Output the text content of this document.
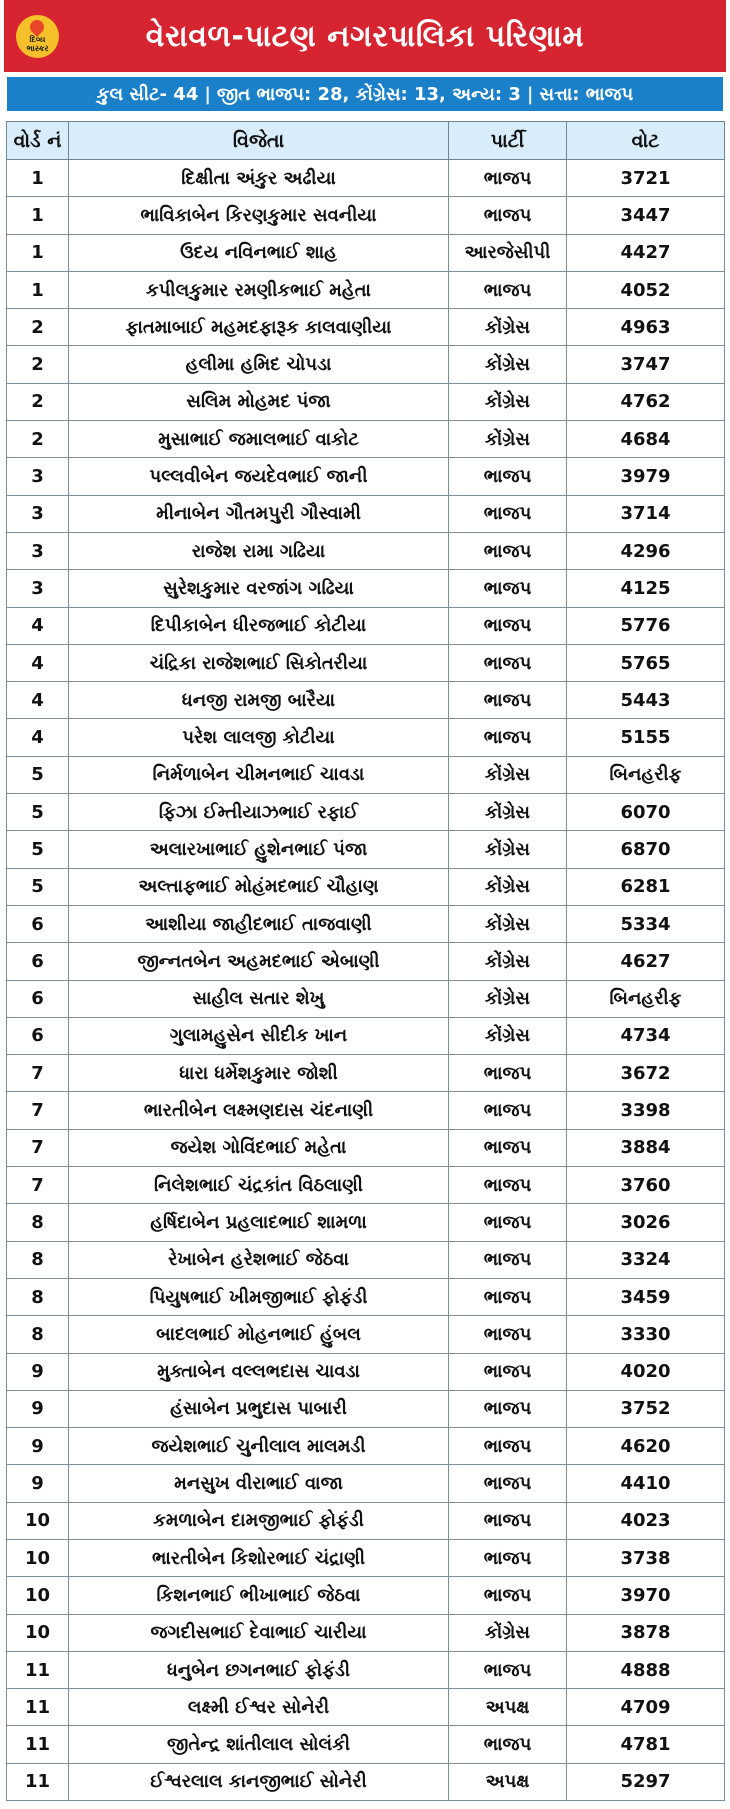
દિવ્ય
ભાસ્કર	વેરાવળ-પાટણ નગરપાલિકા પરિણામ
કુલ સીટ- 44 | જીત ભાજપ: 28, કોંગ્રેસ: 13, અન્ય: 3 | સત્તા: ભાજપ
વોર્ડ નં	વિજેતા	પાર્ટી	વોટ
1	દિક્ષીતા અંકુર અઢીયા	ભાજપ	3721
1	ભાવિકાબેન કિરણકુમાર સવનીયા	ભાજપ	3447
1	ઉદય નવિનભાઈ શાહ	આરજેસીપી	4427
1	કપીલકુમાર રમણીકભાઈ મહેતા	ભાજપ	4052
2	ફાતમાબાઈ મહમદફારૂક કાલવાણીયા	કોંગ્રેસ	4963
2	હલીમા હમિદ ચોપડા	કોંગ્રેસ	3747
2	સલિમ મોહમદ પંજા	કોંગ્રેસ	4762
2	મુસાભાઈ જમાલભાઈ વાકોટ	કોંગ્રેસ	4684
3	પલ્લવીબેન જયદેવભાઈ જાની	ભાજપ	3979
3	મીનાબેન ગૌતમપુરી ગૌસ્વામી	ભાજપ	3714
3	રાજેશ રામા ગઢિયા	ભાજપ	4296
3	સુરેશકુમાર વરજાંગ ગઢિયા	ભાજપ	4125
4	દિપીકાબેન ધીરજભાઈ કોટીયા	ભાજપ	5776
4	ચંદ્રિકા રાજેશભાઈ સિકોતરીયા	ભાજપ	5765
4	ધનજી રામજી બારૈયા	ભાજપ	5443
4	પરેશ લાલજી કોટીયા	ભાજપ	5155
5	નિર્મળાબેન ચીમનભાઈ ચાવડા	કોંગ્રેસ	બિનહરીફ
5	ફિઝા ઈમ્તીયાઝભાઈ રફાઈ	કોંગ્રેસ	6070
5	અલારખાભાઈ હુશેનભાઈ પંજા	કોંગ્રેસ	6870
5	અલ્તાફભાઈ મોહંમદભાઈ ચૌહાણ	કોંગ્રેસ	6281
6	આશીયા જાહીદભાઈ તાજવાણી	કોંગ્રેસ	5334
6	જીન્નતબેન અહમદભાઈ એબાણી	કોંગ્રેસ	4627
6	સાહીલ સતાર શેખુ	કોંગ્રેસ	બિનહરીફ
6	ગુલામહુસેન સીદીક ખાન	કોંગ્રેસ	4734
7	ધારા ધર્મેશકુમાર જોશી	ભાજપ	3672
7	ભારતીબેન લક્ષ્મણદાસ ચંદનાણી	ભાજપ	3398
7	જયેશ ગોવિંદભાઈ મહેતા	ભાજપ	3884
7	નિલેશભાઈ ચંદ્રકાંત વિઠલાણી	ભાજપ	3760
8	હર્ષિદાબેન પ્રહલાદભાઈ શામળા	ભાજપ	3026
8	રેખાબેન હરેશભાઈ જેઠવા	ભાજપ	3324
8	પિયુષભાઈ ખીમજીભાઈ ફોફંડી	ભાજપ	3459
8	બાદલભાઈ મોહનભાઈ હુંબલ	ભાજપ	3330
9	મુક્તાબેન વલ્લભદાસ ચાવડા	ભાજપ	4020
9	હંસાબેન પ્રભુદાસ પાબારી	ભાજપ	3752
9	જયેશભાઈ ચુનીલાલ માલમડી	ભાજપ	4620
9	મનસુખ વીરાભાઈ વાજા	ભાજપ	4410
10	કમળાબેન દામજીભાઈ ફોફંડી	ભાજપ	4023
10	ભારતીબેન કિશોરભાઈ ચંદ્રાણી	ભાજપ	3738
10	કિશનભાઈ ભીખાભાઈ જેઠવા	ભાજપ	3970
10	જગદીસભાઈ દેવાભાઈ ચારીયા	કોંગ્રેસ	3878
11	ધનુબેન છગનભાઈ ફોફંડી	ભાજપ	4888
11	લક્ષ્મી ઈશ્વર સોનેરી	અપક્ષ	4709
11	જીતેન્દ્ર શાંતીલાલ સોલંકી	ભાજપ	4781
11	ઈશ્વરલાલ કાનજીભાઈ સોનેરી	અપક્ષ	5297
